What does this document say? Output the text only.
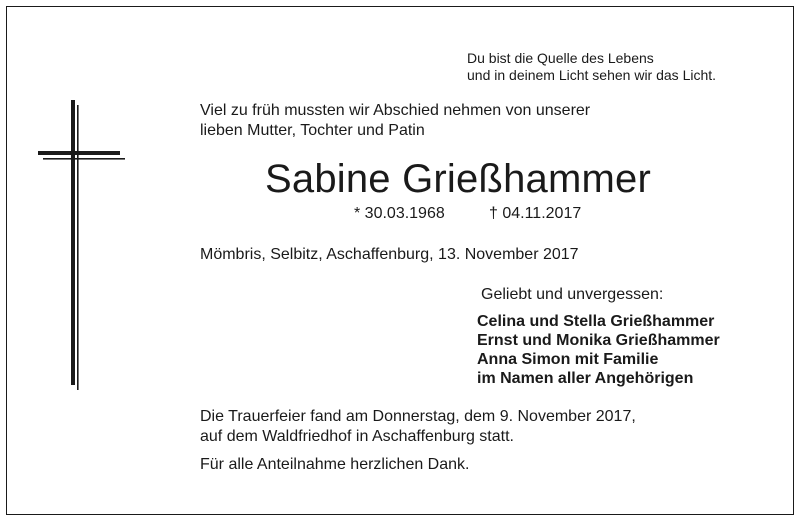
Du bist die Quelle des Lebens
und in deinem Licht sehen wir das Licht.
Viel zu früh mussten wir Abschied nehmen von unserer
lieben Mutter, Tochter und Patin
Sabine Grießhammer
* 30.03.1968	† 04.11.2017
Mömbris, Selbitz, Aschaffenburg, 13. November 2017
Geliebt und unvergessen:
Celina und Stella Grießhammer
Ernst und Monika Grießhammer
Anna Simon mit Familie
im Namen aller Angehörigen
Die Trauerfeier fand am Donnerstag, dem 9. November 2017,
auf dem Waldfriedhof in Aschaffenburg statt.
Für alle Anteilnahme herzlichen Dank.
